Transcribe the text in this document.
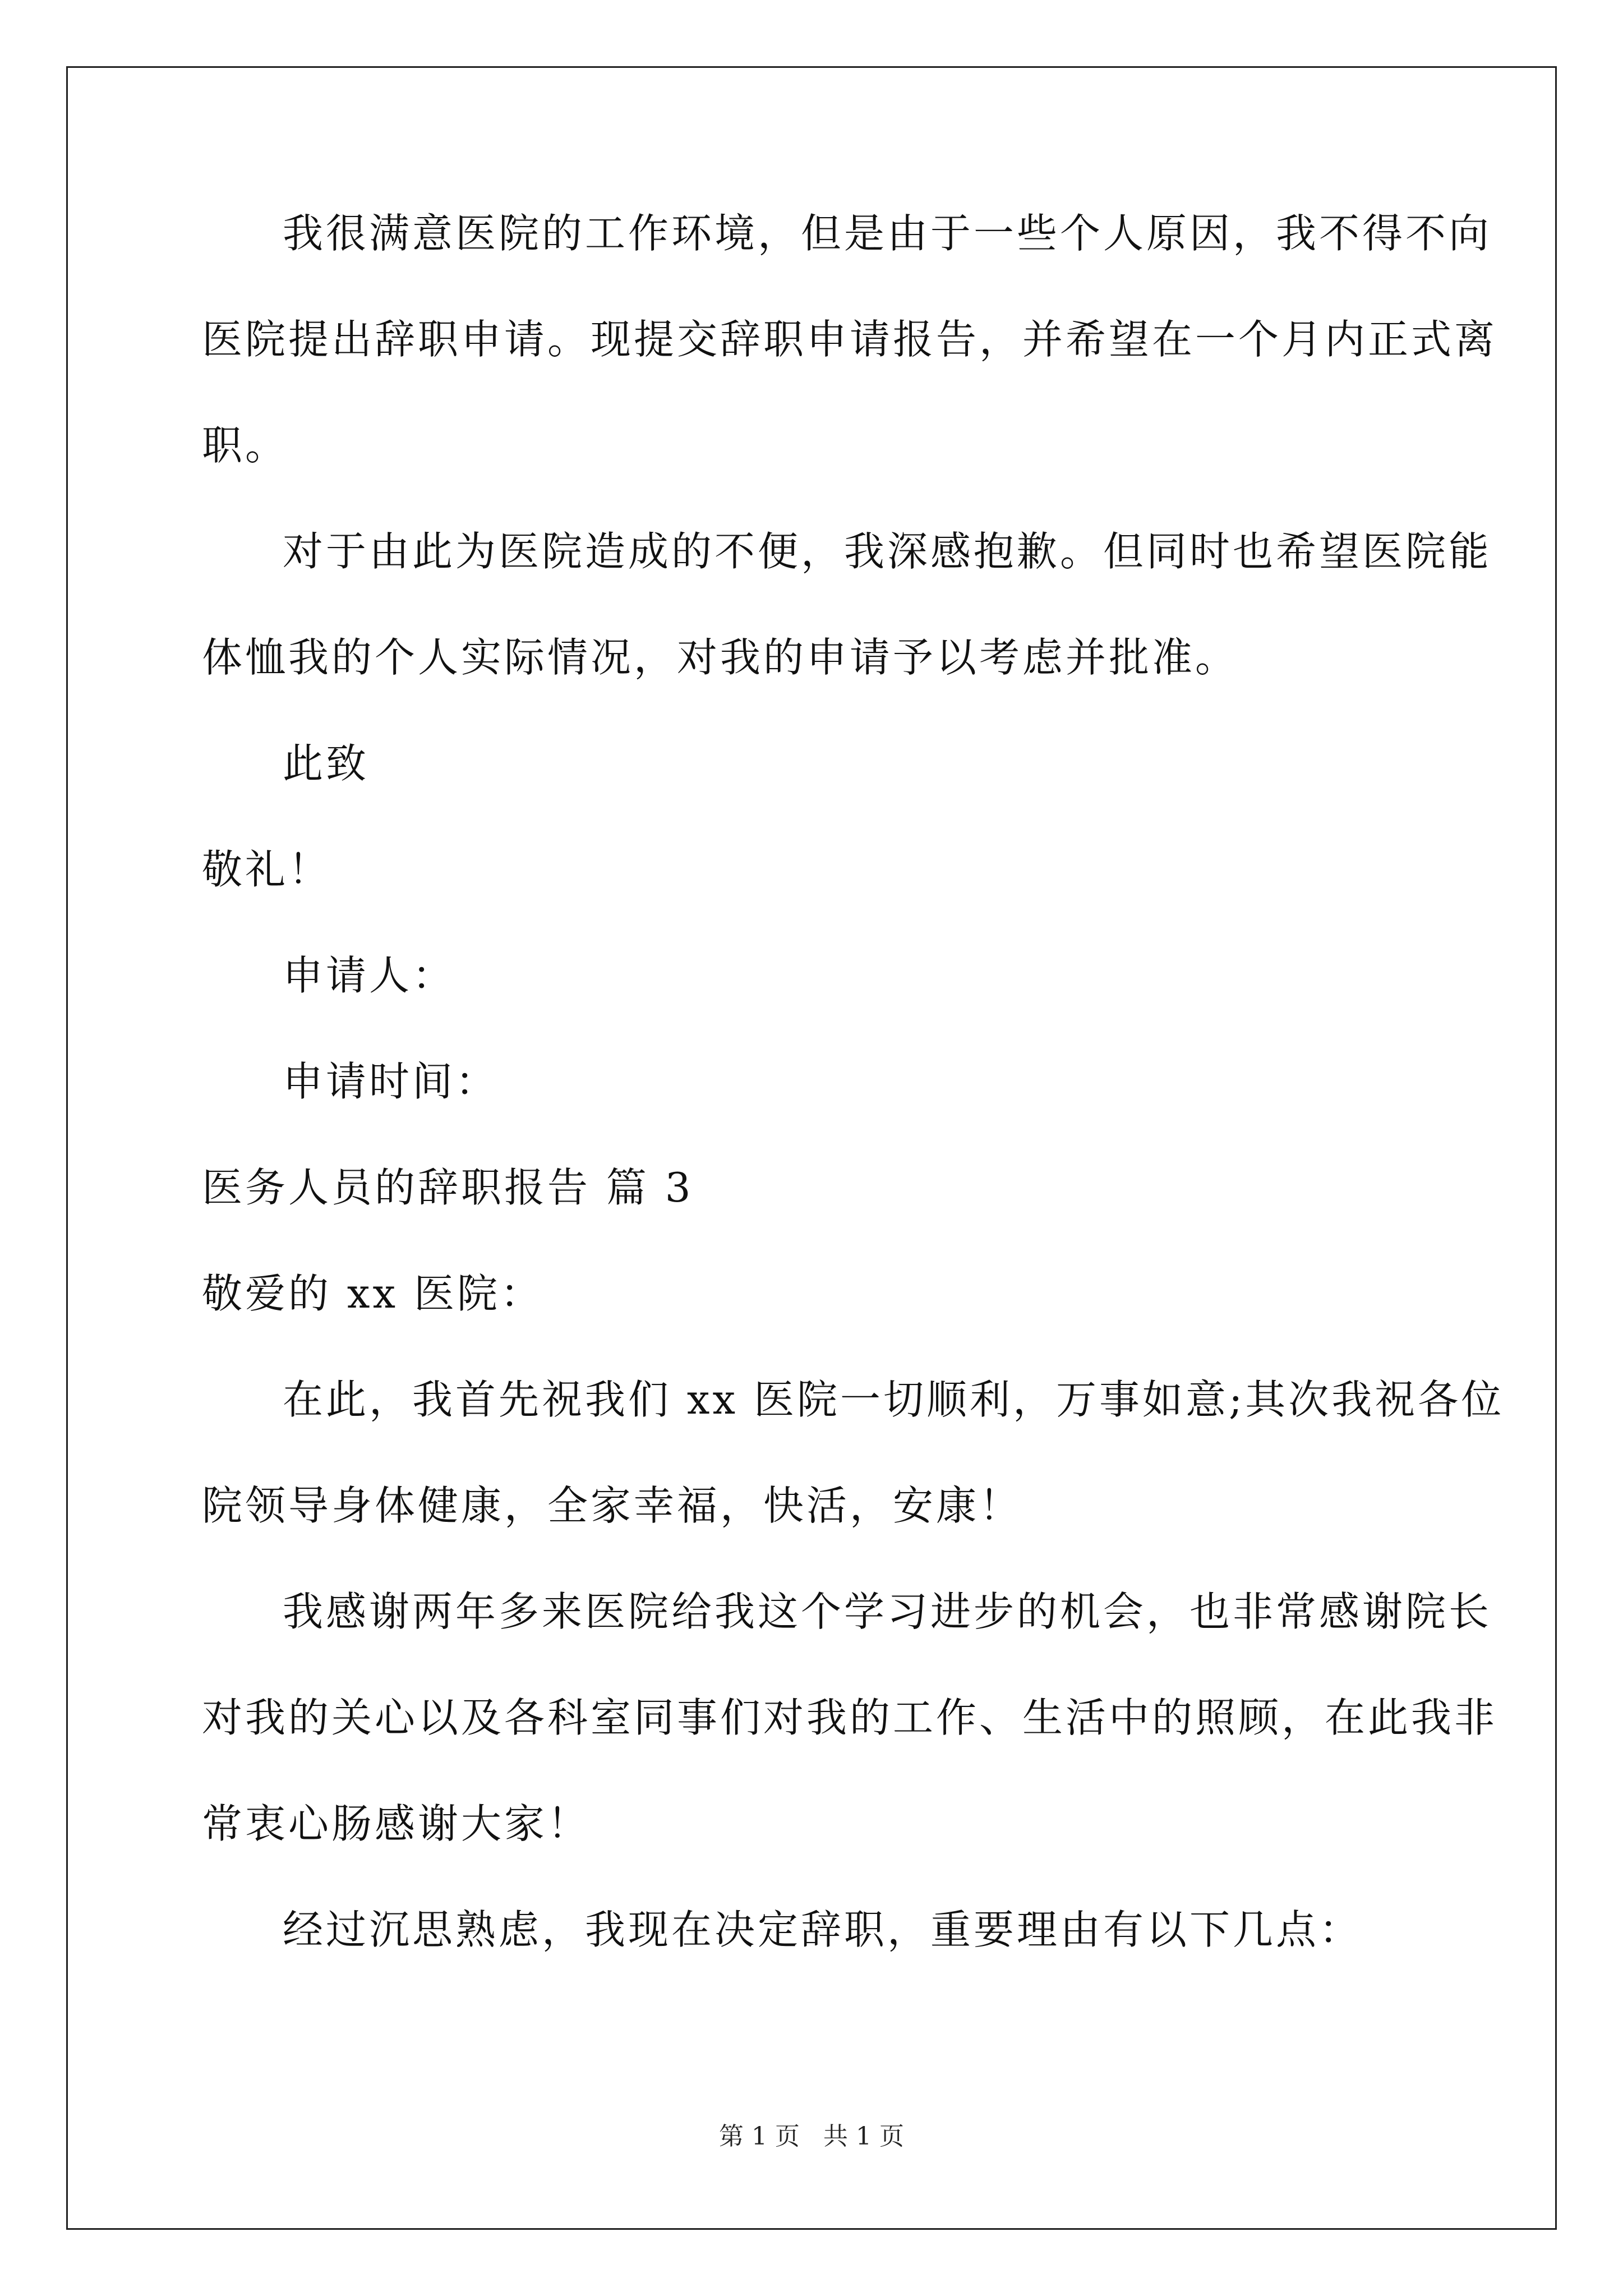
我很满意医院的工作环境，但是由于一些个人原因，我不得不向
医院提出辞职申请。现提交辞职申请报告，并希望在一个月内正式离
职。
对于由此为医院造成的不便，我深感抱歉。但同时也希望医院能
体恤我的个人实际情况，对我的申请予以考虑并批准。
此致
敬礼！
申请人：
申请时间：
医务人员的辞职报告 篇 3
敬爱的 xx 医院：
在此，我首先祝我们 xx 医院一切顺利，万事如意;其次我祝各位
院领导身体健康，全家幸福，快活，安康！
我感谢两年多来医院给我这个学习进步的机会，也非常感谢院长
对我的关心以及各科室同事们对我的工作、生活中的照顾，在此我非
常衷心肠感谢大家！
经过沉思熟虑，我现在决定辞职，重要理由有以下几点：
第 1 页 共 1 页
